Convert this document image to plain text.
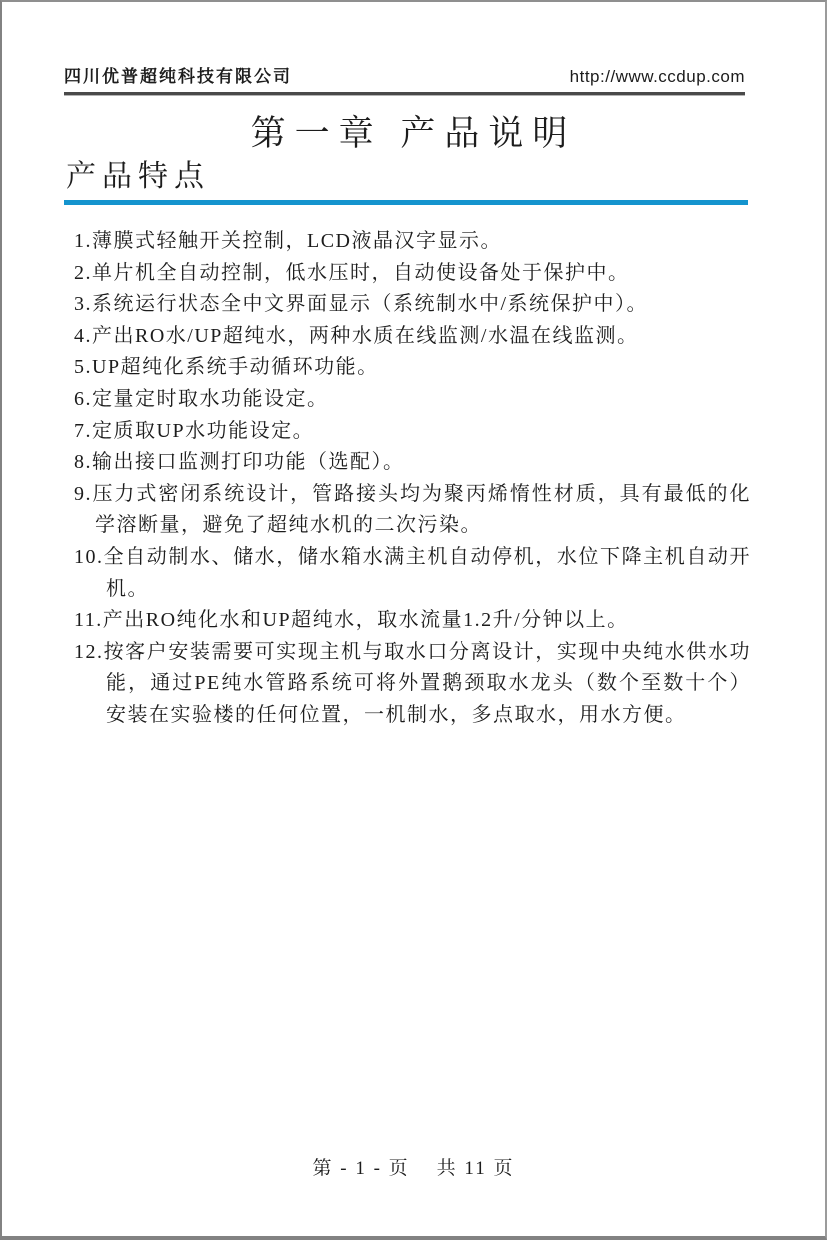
四川优普超纯科技有限公司	http://www.ccdup.com
第一章 产品说明
产品特点
1.薄膜式轻触开关控制，LCD液晶汉字显示。
2.单片机全自动控制，低水压时，自动使设备处于保护中。
3.系统运行状态全中文界面显示（系统制水中/系统保护中）。
4.产出RO水/UP超纯水，两种水质在线监测/水温在线监测。
5.UP超纯化系统手动循环功能。
6.定量定时取水功能设定。
7.定质取UP水功能设定。
8.输出接口监测打印功能（选配）。
9.压力式密闭系统设计，管路接头均为聚丙烯惰性材质，具有最低的化学溶断量，避免了超纯水机的二次污染。
10.全自动制水、储水，储水箱水满主机自动停机，水位下降主机自动开机。
11.产出RO纯化水和UP超纯水，取水流量1.2升/分钟以上。
12.按客户安装需要可实现主机与取水口分离设计，实现中央纯水供水功能，通过PE纯水管路系统可将外置鹅颈取水龙头（数个至数十个）安装在实验楼的任何位置，一机制水，多点取水，用水方便。
第 - 1 - 页    共 11 页
